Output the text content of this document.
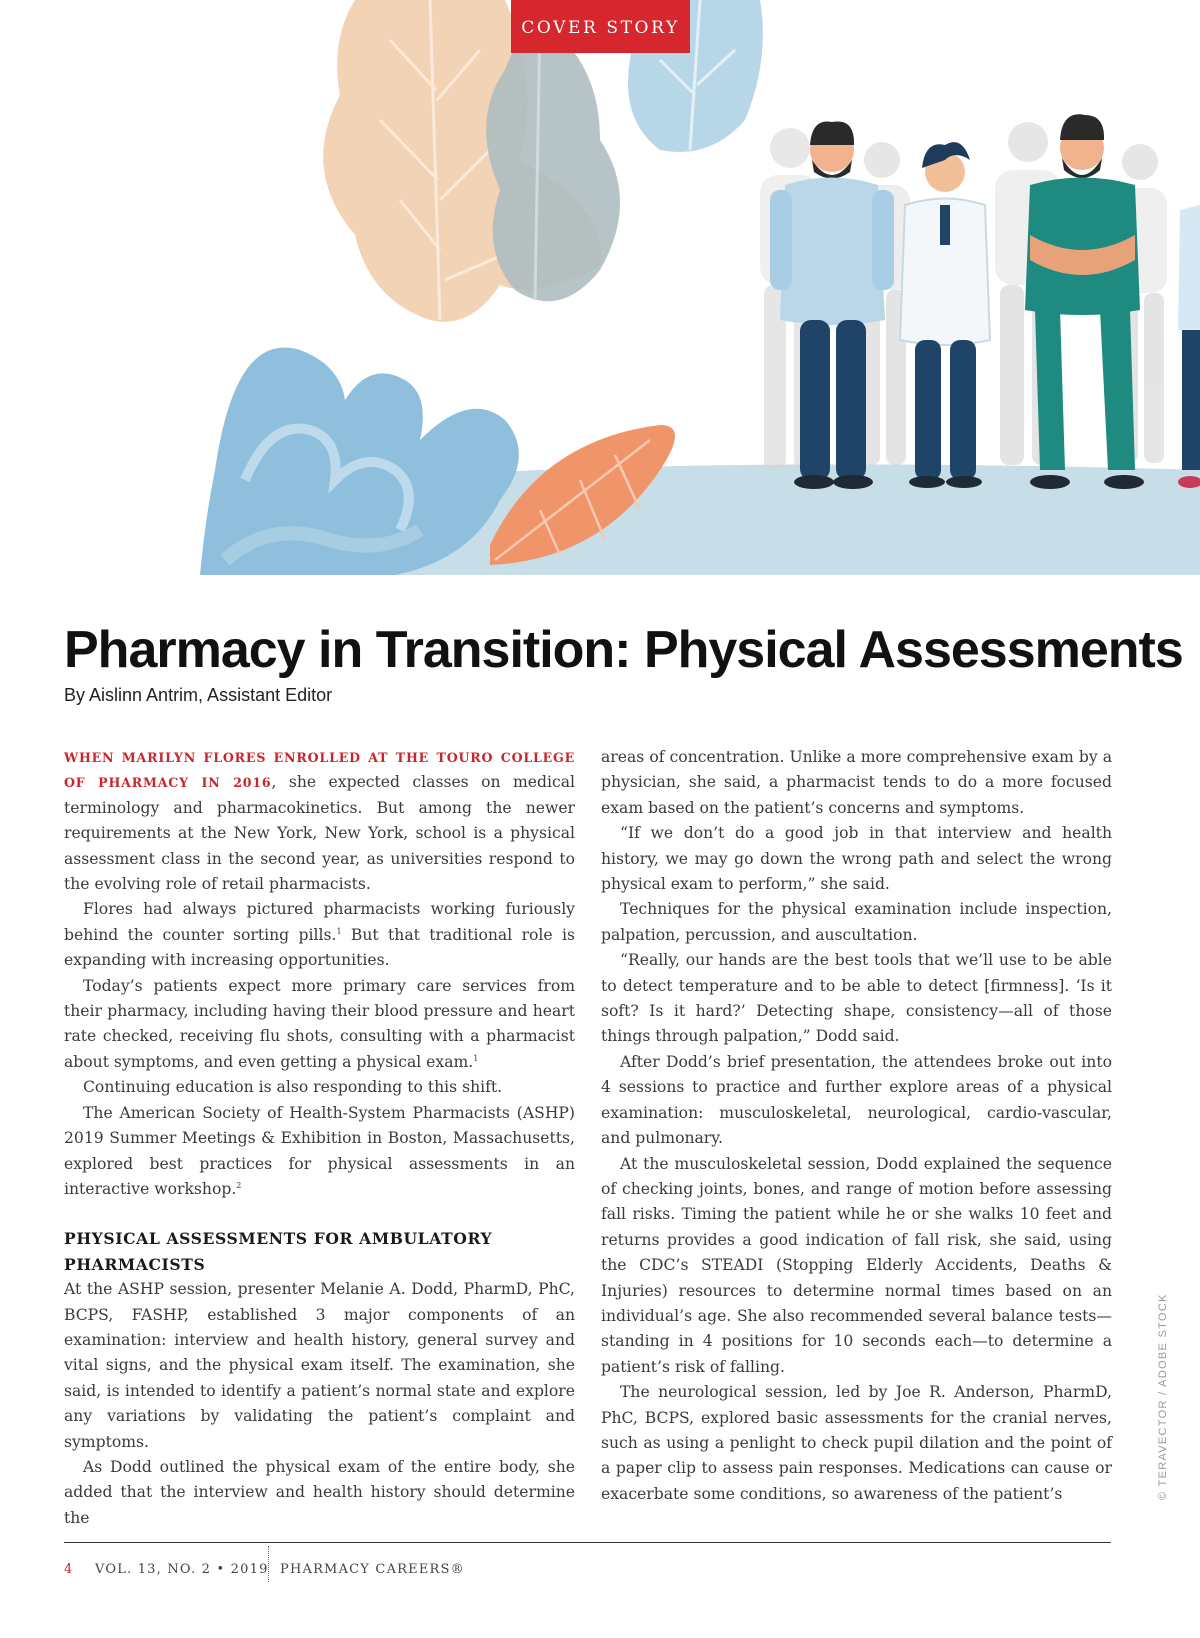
COVER STORY
Pharmacy in Transition: Physical Assessments
By Aislinn Antrim, Assistant Editor

WHEN MARILYN FLORES ENROLLED AT THE TOURO COLLEGE OF PHARMACY IN 2016, she expected classes on medical terminology and pharmacokinetics. But among the newer requirements at the New York, New York, school is a physical assessment class in the second year, as universities respond to the evolving role of retail pharmacists.

Flores had always pictured pharmacists working furiously behind the counter sorting pills.$^1$ But that traditional role is expanding with increasing opportunities.

Today’s patients expect more primary care services from their pharmacy, including having their blood pressure and heart rate checked, receiving flu shots, consulting with a pharmacist about symptoms, and even getting a physical exam.$^1$

Continuing education is also responding to this shift.

The American Society of Health-System Pharmacists (ASHP) 2019 Summer Meetings & Exhibition in Boston, Massachusetts, explored best practices for physical assessments in an interactive workshop.$^2$

PHYSICAL ASSESSMENTS FOR AMBULATORY PHARMACISTS

At the ASHP session, presenter Melanie A. Dodd, PharmD, PhC, BCPS, FASHP, established 3 major components of an examination: interview and health history, general survey and vital signs, and the physical exam itself. The examination, she said, is intended to identify a patient’s normal state and explore any variations by validating the patient’s complaint and symptoms.

As Dodd outlined the physical exam of the entire body, she added that the interview and health history should determine the

areas of concentration. Unlike a more comprehensive exam by a physician, she said, a pharmacist tends to do a more focused exam based on the patient’s concerns and symptoms.

“If we don’t do a good job in that interview and health history, we may go down the wrong path and select the wrong physical exam to perform,” she said.

Techniques for the physical examination include inspection, palpation, percussion, and auscultation.

“Really, our hands are the best tools that we’ll use to be able to detect temperature and to be able to detect [firmness]. ‘Is it soft? Is it hard?’ Detecting shape, consistency—all of those things through palpation,” Dodd said.

After Dodd’s brief presentation, the attendees broke out into 4 sessions to practice and further explore areas of a physical examination: musculoskeletal, neurological, cardio-vascular, and pulmonary.

At the musculoskeletal session, Dodd explained the sequence of checking joints, bones, and range of motion before assessing fall risks. Timing the patient while he or she walks 10 feet and returns provides a good indication of fall risk, she said, using the CDC’s STEADI (Stopping Elderly Accidents, Deaths & Injuries) resources to determine normal times based on an individual’s age. She also recommended several balance tests—standing in 4 positions for 10 seconds each—to determine a patient’s risk of falling.

The neurological session, led by Joe R. Anderson, PharmD, PhC, BCPS, explored basic assessments for the cranial nerves, such as using a penlight to check pupil dilation and the point of a paper clip to assess pain responses. Medications can cause or exacerbate some conditions, so awareness of the patient’s	© TERAVECTOR / ADOBE STOCK
4 VOL. 13, NO. 2 • 2019 PHARMACY CAREERS®
